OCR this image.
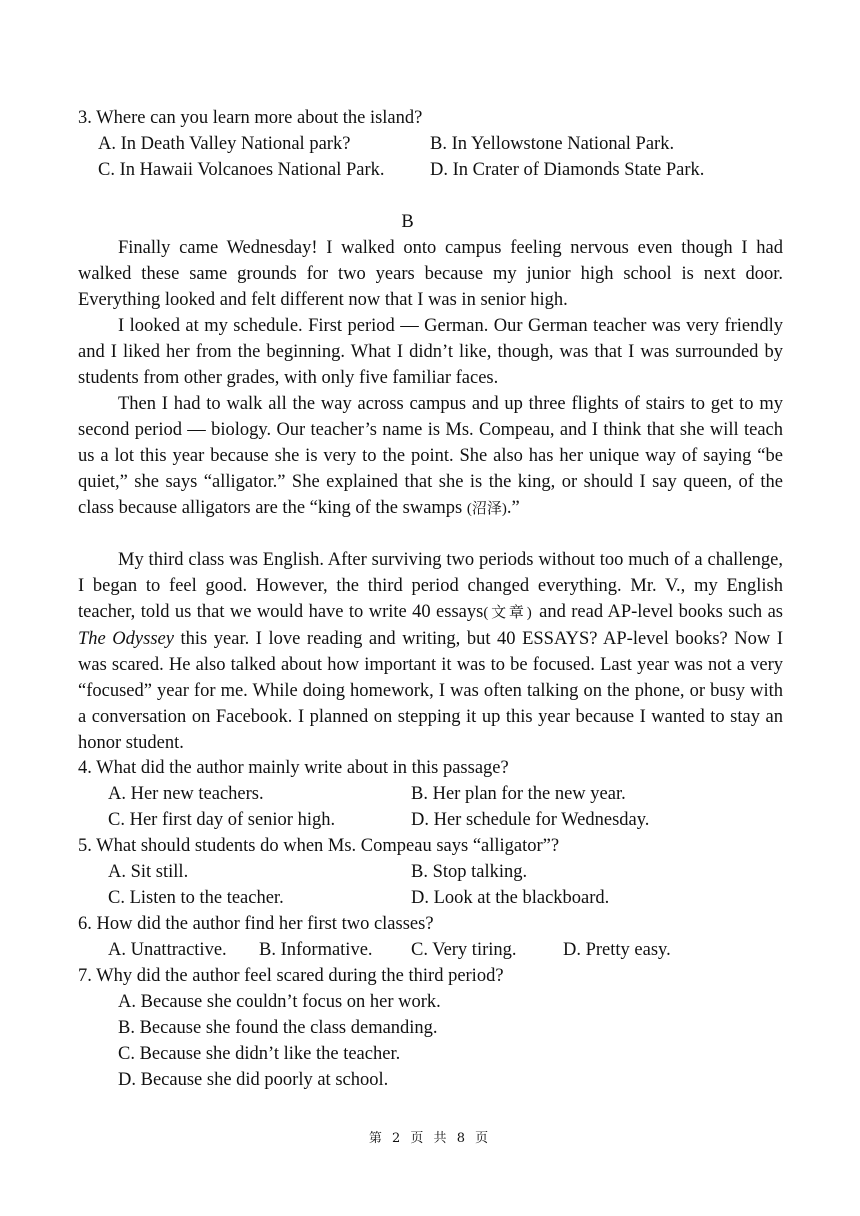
3. Where can you learn more about the island?
A. In Death Valley National park?	B. In Yellowstone National Park.
C. In Hawaii Volcanoes National Park. D. In Crater of Diamonds State Park.
B
Finally came Wednesday! I walked onto campus feeling nervous even though I had walked these same grounds for two years because my junior high school is next door. Everything looked and felt different now that I was in senior high.
I looked at my schedule. First period — German. Our German teacher was very friendly and I liked her from the beginning. What I didn’t like, though, was that I was surrounded by students from other grades, with only five familiar faces.
Then I had to walk all the way across campus and up three flights of stairs to get to my second period — biology. Our teacher’s name is Ms. Compeau, and I think that she will teach us a lot this year because she is very to the point. She also has her unique way of saying “be quiet,” she says “alligator.” She explained that she is the king, or should I say queen, of the class because alligators are the “king of the swamps (沼泽).”
My third class was English. After surviving two periods without too much of a challenge, I began to feel good. However, the third period changed everything. Mr. V., my English teacher, told us that we would have to write 40 essays(文章) and read AP-level books such as The Odyssey this year. I love reading and writing, but 40 ESSAYS? AP-level books? Now I was scared. He also talked about how important it was to be focused. Last year was not a very “focused” year for me. While doing homework, I was often talking on the phone, or busy with a conversation on Facebook. I planned on stepping it up this year because I wanted to stay an honor student.
4. What did the author mainly write about in this passage?
A. Her new teachers.	B. Her plan for the new year.
C. Her first day of senior high.	D. Her schedule for Wednesday.
5. What should students do when Ms. Compeau says “alligator”?
A. Sit still.	B. Stop talking.
C. Listen to the teacher.	D. Look at the blackboard.
6. How did the author find her first two classes?
A. Unattractive. B. Informative. C. Very tiring.	D. Pretty easy.
7. Why did the author feel scared during the third period?
A. Because she couldn’t focus on her work.
B. Because she found the class demanding.
C. Because she didn’t like the teacher.
D. Because she did poorly at school.
第 2 页 共 8 页
